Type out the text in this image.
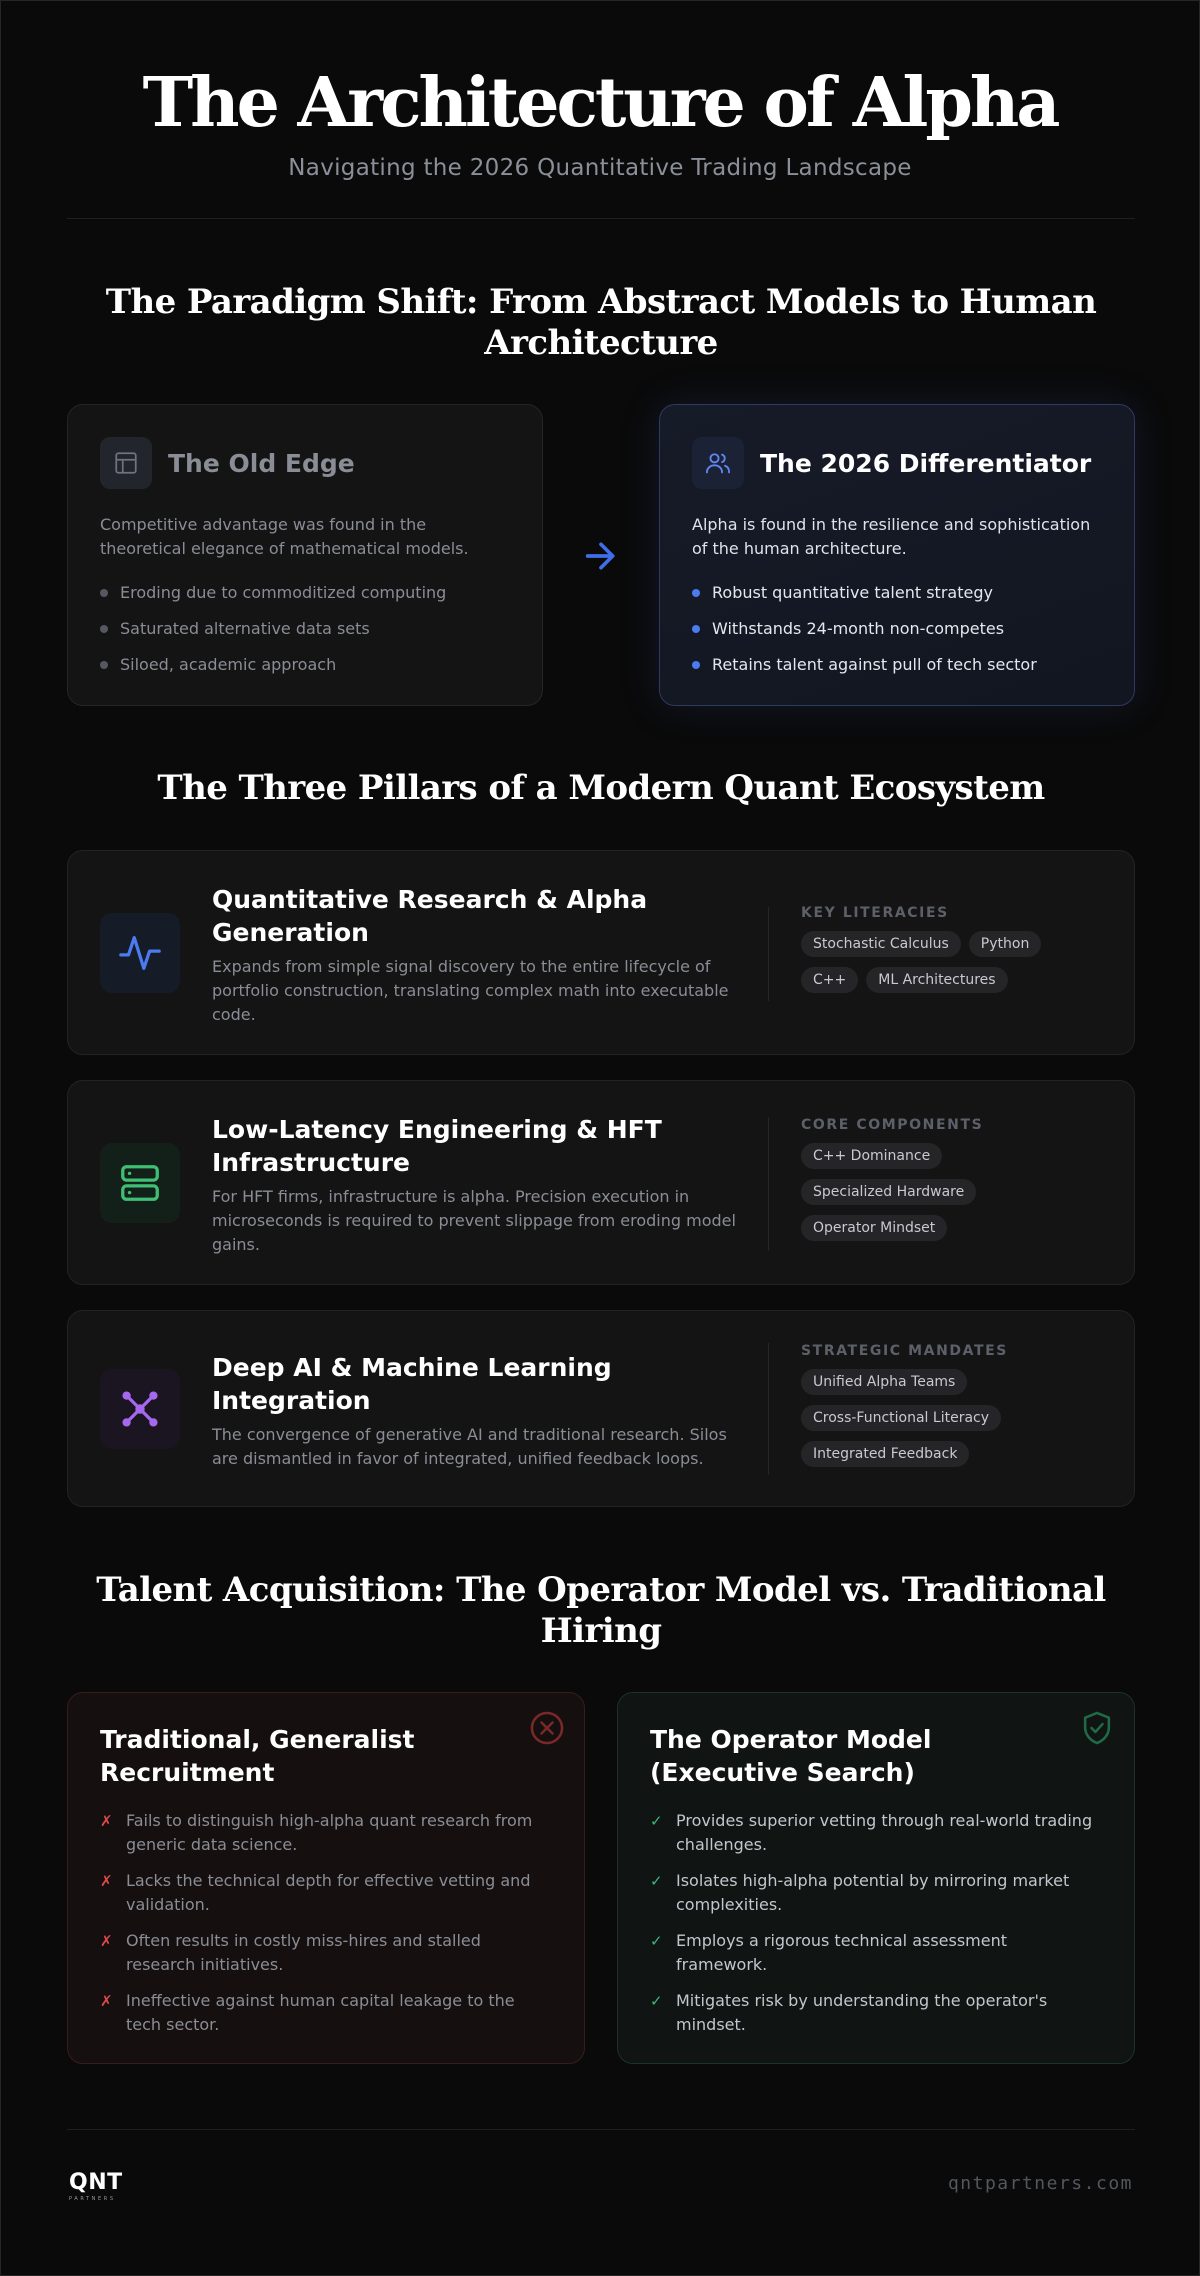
The Architecture of Alpha
Navigating the 2026 Quantitative Trading Landscape
The Paradigm Shift: From Abstract Models to Human Architecture
The Old Edge

Competitive advantage was found in the theoretical elegance of mathematical models.

Eroding due to commoditized computing
Saturated alternative data sets
Siloed, academic approach
The 2026 Differentiator

Alpha is found in the resilience and sophistication of the human architecture.

Robust quantitative talent strategy
Withstands 24-month non-competes
Retains talent against pull of tech sector
The Three Pillars of a Modern Quant Ecosystem
Quantitative Research & Alpha Generation

Expands from simple signal discovery to the entire lifecycle of portfolio construction, translating complex math into executable code.

KEY LITERACIES
Stochastic Calculus	Python
C++	ML Architectures
Low-Latency Engineering & HFT Infrastructure

For HFT firms, infrastructure is alpha. Precision execution in microseconds is required to prevent slippage from eroding model gains.

CORE COMPONENTS
C++ Dominance
Specialized Hardware
Operator Mindset
Deep AI & Machine Learning Integration

The convergence of generative AI and traditional research. Silos are dismantled in favor of integrated, unified feedback loops.

STRATEGIC MANDATES
Unified Alpha Teams
Cross-Functional Literacy
Integrated Feedback
Talent Acquisition: The Operator Model vs. Traditional Hiring
Traditional, Generalist Recruitment
✗ Fails to distinguish high-alpha quant research from generic data science.
✗ Lacks the technical depth for effective vetting and validation.
✗ Often results in costly miss-hires and stalled research initiatives.
✗ Ineffective against human capital leakage to the tech sector.
The Operator Model (Executive Search)
✓ Provides superior vetting through real-world trading challenges.
✓ Isolates high-alpha potential by mirroring market complexities.
✓ Employs a rigorous technical assessment framework.
✓ Mitigates risk by understanding the operator's mindset.
QNT
PARTNERS
qntpartners.com
